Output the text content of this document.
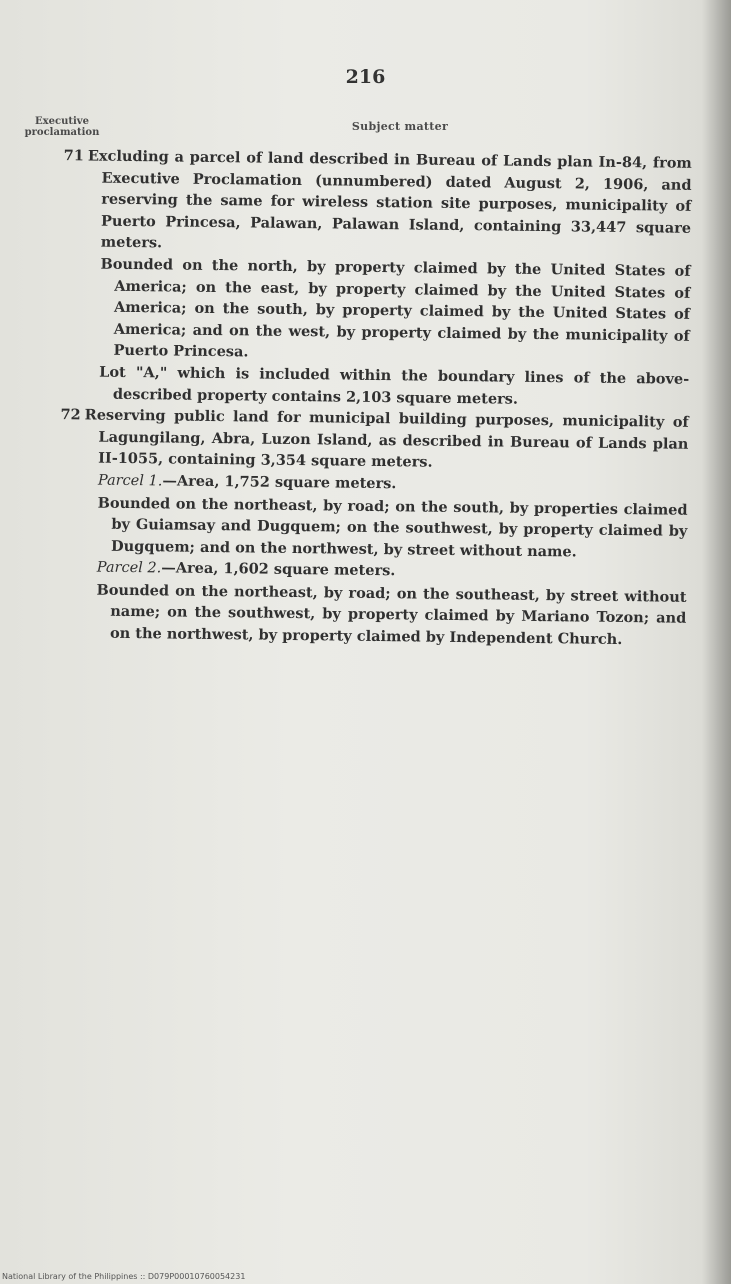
216
Executive proclamation	Subject matter
71 Excluding a parcel of land described in Bureau of Lands plan In-84, from Executive Proclamation (unnumbered) dated August 2, 1906, and reserving the same for wireless station site purposes, municipality of Puerto Princesa, Palawan, Palawan Island, containing 33,447 square meters.

Bounded on the north, by property claimed by the United States of America; on the east, by property claimed by the United States of America; on the south, by property claimed by the United States of America; and on the west, by property claimed by the municipality of Puerto Princesa.

Lot "A," which is included within the boundary lines of the above-described property contains 2,103 square meters.

72 Reserving public land for municipal building purposes, municipality of Lagungilang, Abra, Luzon Island, as described in Bureau of Lands plan II-1055, containing 3,354 square meters.

Parcel 1.—Area, 1,752 square meters.

Bounded on the northeast, by road; on the south, by properties claimed by Guiamsay and Dugquem; on the southwest, by property claimed by Dugquem; and on the northwest, by street without name.

Parcel 2.—Area, 1,602 square meters.

Bounded on the northeast, by road; on the southeast, by street without name; on the southwest, by property claimed by Mariano Tozon; and on the northwest, by property claimed by Independent Church.

National Library of the Philippines :: D079P00010760054231
